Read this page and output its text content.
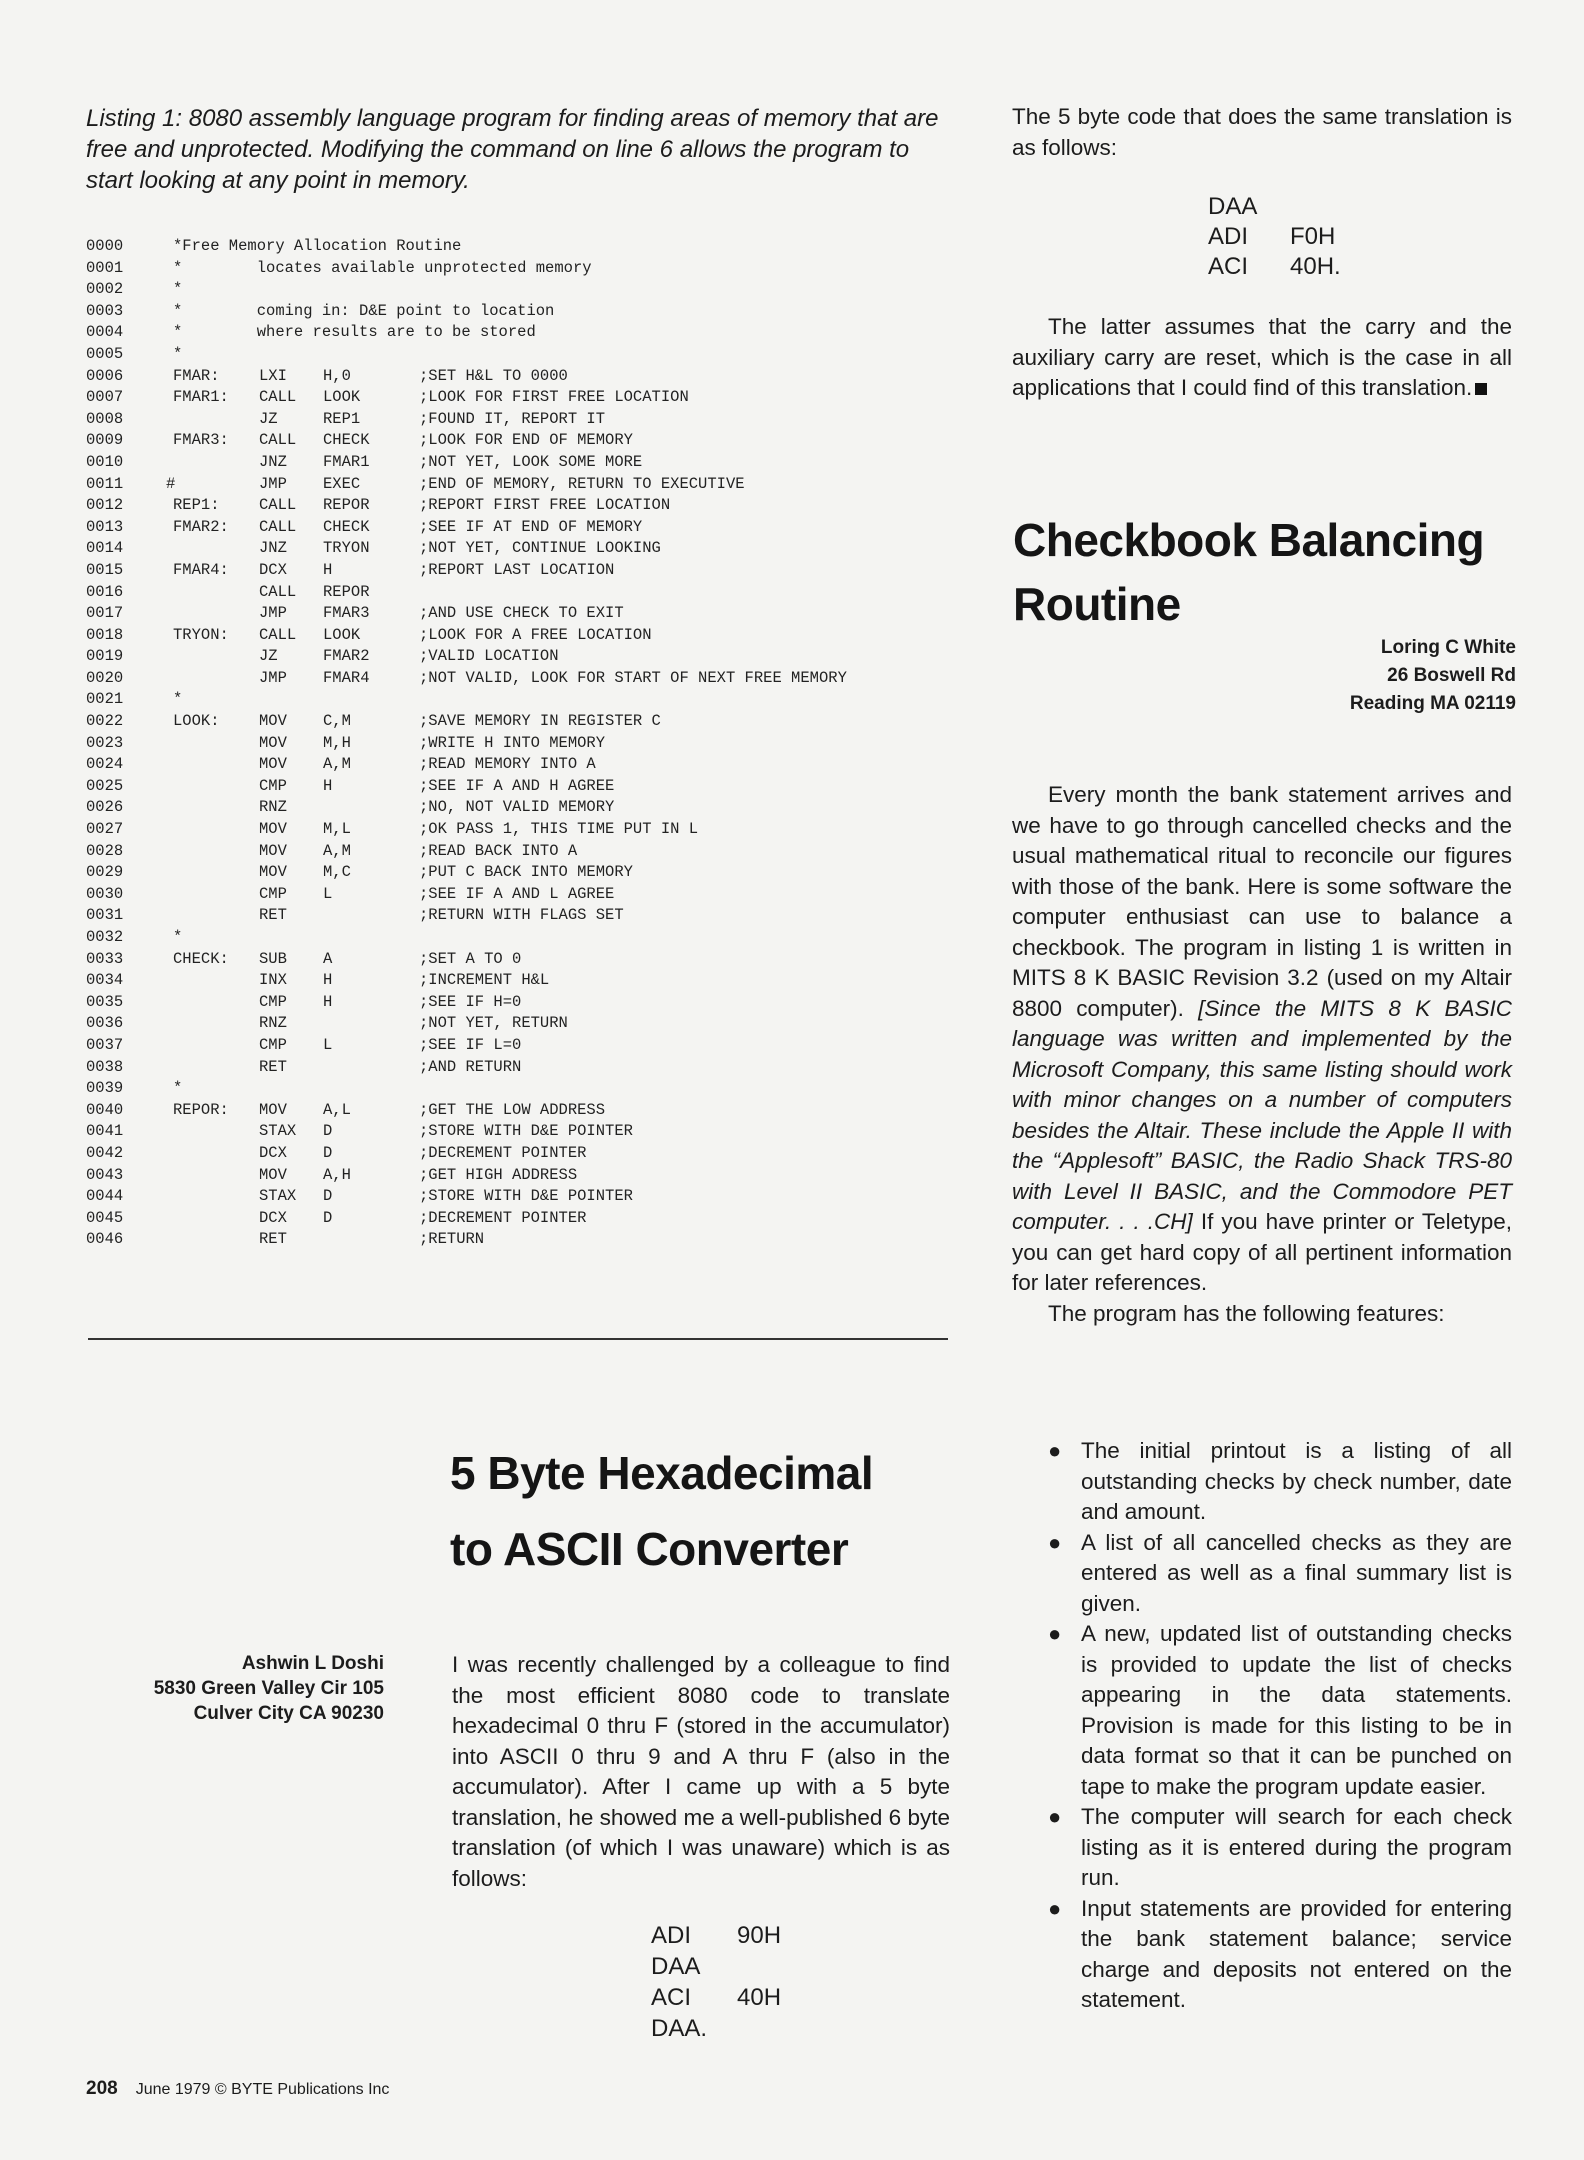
Listing 1: 8080 assembly language program for finding areas of memory that are free and unprotected. Modifying the command on line 6 allows the program to start looking at any point in memory.
0000	*Free Memory Allocation Routine
0001	*        locates available unprotected memory
0002	*
0003	*        coming in: D&E point to location
0004	*        where results are to be stored
0005	*
0006	FMAR:	LXI H,0	;SET H&L TO 0000
0007	FMAR1: CALL LOOK	;LOOK FOR FIRST FREE LOCATION
0008	JZ	REP1	;FOUND IT, REPORT IT
0009	FMAR3: CALL CHECK	;LOOK FOR END OF MEMORY
0010	JNZ FMAR1	;NOT YET, LOOK SOME MORE
0011	#	JMP EXEC	;END OF MEMORY, RETURN TO EXECUTIVE
0012	REP1:	CALL REPOR	;REPORT FIRST FREE LOCATION
0013	FMAR2: CALL CHECK	;SEE IF AT END OF MEMORY
0014	JNZ TRYON	;NOT YET, CONTINUE LOOKING
0015	FMAR4: DCX H	;REPORT LAST LOCATION
0016	CALL REPOR
0017	JMP FMAR3	;AND USE CHECK TO EXIT
0018	TRYON: CALL LOOK	;LOOK FOR A FREE LOCATION
0019	JZ	FMAR2	;VALID LOCATION
0020	JMP FMAR4	;NOT VALID, LOOK FOR START OF NEXT FREE MEMORY
0021	*
0022	LOOK:	MOV C,M	;SAVE MEMORY IN REGISTER C
0023	MOV M,H	;WRITE H INTO MEMORY
0024	MOV A,M	;READ MEMORY INTO A
0025	CMP H	;SEE IF A AND H AGREE
0026	RNZ	;NO, NOT VALID MEMORY
0027	MOV M,L	;OK PASS 1, THIS TIME PUT IN L
0028	MOV A,M	;READ BACK INTO A
0029	MOV M,C	;PUT C BACK INTO MEMORY
0030	CMP L	;SEE IF A AND L AGREE
0031	RET	;RETURN WITH FLAGS SET
0032	*
0033	CHECK: SUB A	;SET A TO 0
0034	INX H	;INCREMENT H&L
0035	CMP H	;SEE IF H=0
0036	RNZ	;NOT YET, RETURN
0037	CMP L	;SEE IF L=0
0038	RET	;AND RETURN
0039	*
0040	REPOR: MOV A,L	;GET THE LOW ADDRESS
0041	STAX D	;STORE WITH D&E POINTER
0042	DCX D	;DECREMENT POINTER
0043	MOV A,H	;GET HIGH ADDRESS
0044	STAX D	;STORE WITH D&E POINTER
0045	DCX D	;DECREMENT POINTER
0046	RET	;RETURN
5 Byte Hexadecimal
to ASCII Converter
Ashwin L Doshi
5830 Green Valley Cir 105
Culver City CA 90230
I was recently challenged by a colleague to find the most efficient 8080 code to translate hexadecimal 0 thru F (stored in the accumulator) into ASCII 0 thru 9 and A thru F (also in the accumulator). After I came up with a 5 byte translation, he showed me a well-published 6 byte translation (of which I was unaware) which is as follows:
ADI 90H
DAA
ACI 40H
DAA.
The 5 byte code that does the same translation is as follows:
DAA
ADI F0H
ACI 40H.
The latter assumes that the carry and the auxiliary carry are reset, which is the case in all applications that I could find of this translation.
Checkbook Balancing
Routine
Loring C White
26 Boswell Rd
Reading MA 02119

Every month the bank statement arrives and we have to go through cancelled checks and the usual mathematical ritual to reconcile our figures with those of the bank. Here is some software the computer enthusiast can use to balance a checkbook. The program in listing 1 is written in MITS 8 K BASIC Revision 3.2 (used on my Altair 8800 computer). [Since the MITS 8 K BASIC language was written and implemented by the Microsoft Company, this same listing should work with minor changes on a number of computers besides the Altair. These include the Apple II with the “Applesoft” BASIC, the Radio Shack TRS-80 with Level II BASIC, and the Commodore PET computer. . . .CH] If you have printer or Teletype, you can get hard copy of all pertinent information for later references.

The program has the following features:

● The initial printout is a listing of all outstanding checks by check number, date and amount.
● A list of all cancelled checks as they are entered as well as a final summary list is given.
● A new, updated list of outstanding checks is provided to update the list of checks appearing in the data statements. Provision is made for this listing to be in data format so that it can be punched on tape to make the program update easier.
● The computer will search for each check listing as it is entered during the program run.
● Input statements are provided for entering the bank statement balance; service charge and deposits not entered on the statement.
208 June 1979 © BYTE Publications Inc
